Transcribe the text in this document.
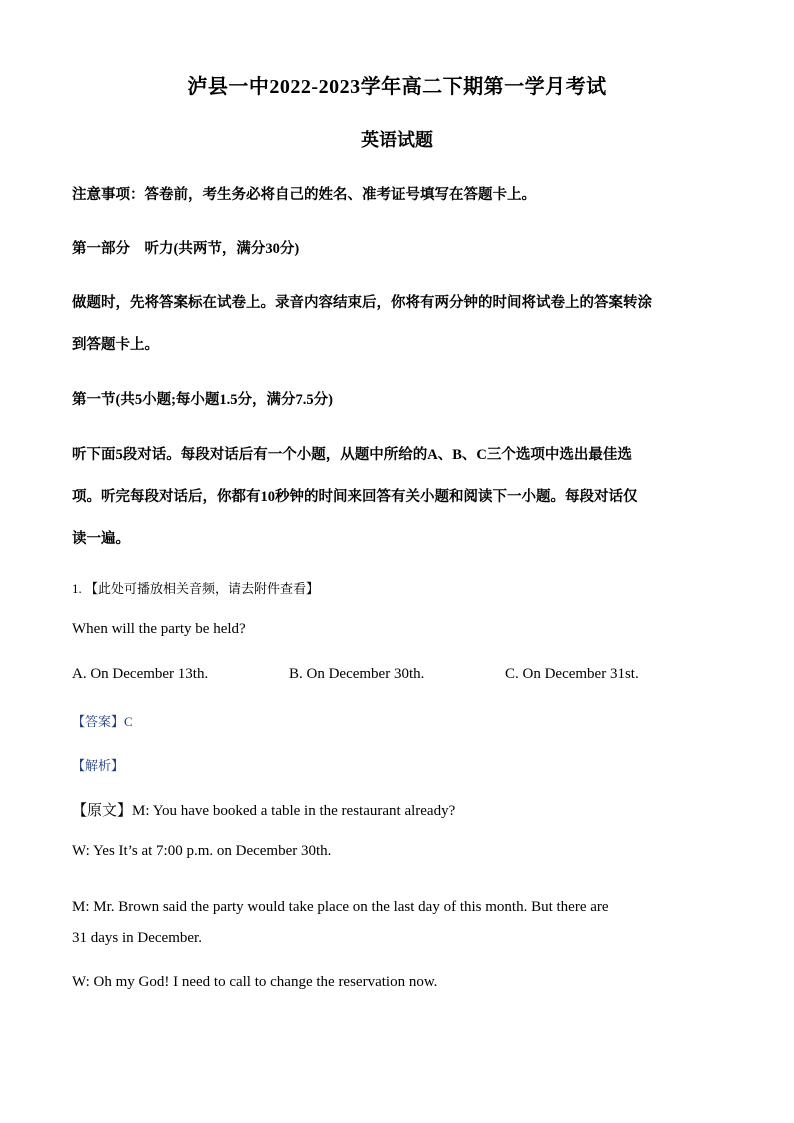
泸县一中2022-2023学年高二下期第一学月考试
英语试题
注意事项：答卷前，考生务必将自己的姓名、准考证号填写在答题卡上。
第一部分　听力(共两节，满分30分)
做题时，先将答案标在试卷上。录音内容结束后，你将有两分钟的时间将试卷上的答案转涂
到答题卡上。
第一节(共5小题;每小题1.5分，满分7.5分)
听下面5段对话。每段对话后有一个小题，从题中所给的A、B、C三个选项中选出最佳选
项。听完每段对话后，你都有10秒钟的时间来回答有关小题和阅读下一小题。每段对话仅
读一遍。
1. 【此处可播放相关音频，请去附件查看】
When will the party be held?
A. On December 13th.	B. On December 30th.	C. On December 31st.
【答案】C
【解析】
【原文】M: You have booked a table in the restaurant already?
W: Yes It’s at 7:00 p.m. on December 30th.
M: Mr. Brown said the party would take place on the last day of this month. But there are
31 days in December.
W: Oh my God! I need to call to change the reservation now.
